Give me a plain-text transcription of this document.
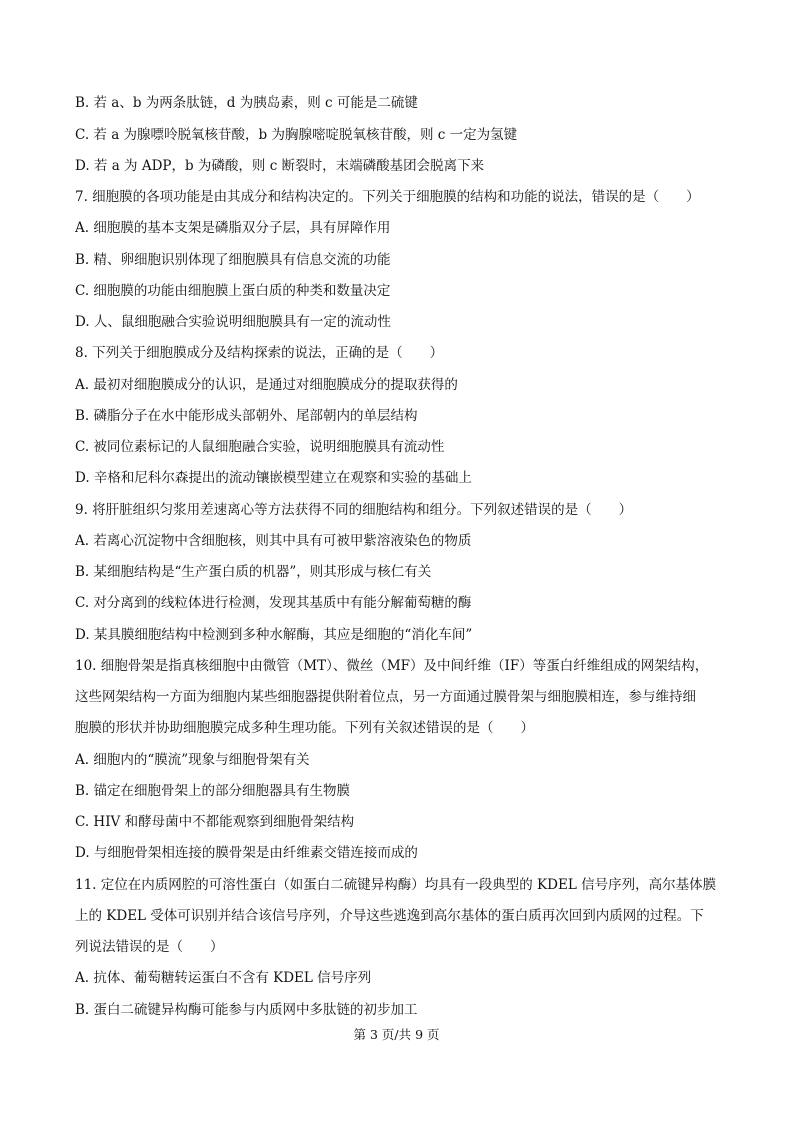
B. 若 a、b 为两条肽链，d 为胰岛素，则 c 可能是二硫键
C. 若 a 为腺嘌呤脱氧核苷酸，b 为胸腺嘧啶脱氧核苷酸，则 c 一定为氢键
D. 若 a 为 ADP，b 为磷酸，则 c 断裂时，末端磷酸基团会脱离下来
7. 细胞膜的各项功能是由其成分和结构决定的。下列关于细胞膜的结构和功能的说法，错误的是（　　）
A. 细胞膜的基本支架是磷脂双分子层，具有屏障作用
B. 精、卵细胞识别体现了细胞膜具有信息交流的功能
C. 细胞膜的功能由细胞膜上蛋白质的种类和数量决定
D. 人、鼠细胞融合实验说明细胞膜具有一定的流动性
8. 下列关于细胞膜成分及结构探索的说法，正确的是（　　）
A. 最初对细胞膜成分的认识，是通过对细胞膜成分的提取获得的
B. 磷脂分子在水中能形成头部朝外、尾部朝内的单层结构
C. 被同位素标记的人鼠细胞融合实验，说明细胞膜具有流动性
D. 辛格和尼科尔森提出的流动镶嵌模型建立在观察和实验的基础上
9. 将肝脏组织匀浆用差速离心等方法获得不同的细胞结构和组分。下列叙述错误的是（　　）
A. 若离心沉淀物中含细胞核，则其中具有可被甲紫溶液染色的物质
B. 某细胞结构是“生产蛋白质的机器”，则其形成与核仁有关
C. 对分离到的线粒体进行检测，发现其基质中有能分解葡萄糖的酶
D. 某具膜细胞结构中检测到多种水解酶，其应是细胞的“消化车间”
10. 细胞骨架是指真核细胞中由微管（MT）、微丝（MF）及中间纤维（IF）等蛋白纤维组成的网架结构，
这些网架结构一方面为细胞内某些细胞器提供附着位点，另一方面通过膜骨架与细胞膜相连，参与维持细
胞膜的形状并协助细胞膜完成多种生理功能。下列有关叙述错误的是（　　）
A. 细胞内的“膜流”现象与细胞骨架有关
B. 锚定在细胞骨架上的部分细胞器具有生物膜
C. HIV 和酵母菌中不都能观察到细胞骨架结构
D. 与细胞骨架相连接的膜骨架是由纤维素交错连接而成的
11. 定位在内质网腔的可溶性蛋白（如蛋白二硫键异构酶）均具有一段典型的 KDEL 信号序列，高尔基体膜
上的 KDEL 受体可识别并结合该信号序列，介导这些逃逸到高尔基体的蛋白质再次回到内质网的过程。下
列说法错误的是（　　）
A. 抗体、葡萄糖转运蛋白不含有 KDEL 信号序列
B. 蛋白二硫键异构酶可能参与内质网中多肽链的初步加工
第 3 页/共 9 页
